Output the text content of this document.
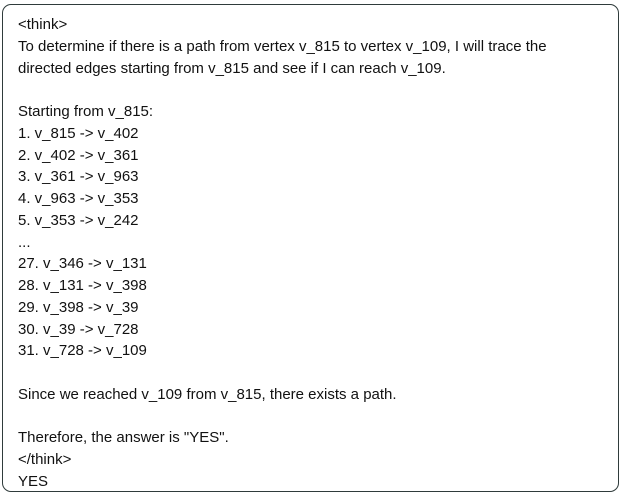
<think>
To determine if there is a path from vertex v_815 to vertex v_109, I will trace the
directed edges starting from v_815 and see if I can reach v_109.
Starting from v_815:
1. v_815 -> v_402
2. v_402 -> v_361
3. v_361 -> v_963
4. v_963 -> v_353
5. v_353 -> v_242
...
27. v_346 -> v_131
28. v_131 -> v_398
29. v_398 -> v_39
30. v_39 -> v_728
31. v_728 -> v_109
Since we reached v_109 from v_815, there exists a path.
Therefore, the answer is "YES".
</think>
YES
